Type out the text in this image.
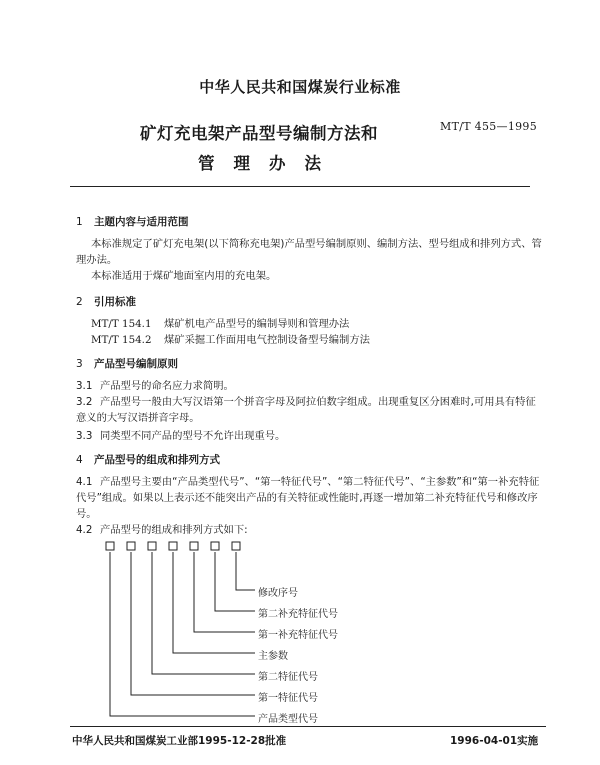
中华人民共和国煤炭行业标准
矿灯充电架产品型号编制方法和
管理办法
MT/T 455—1995
1 主题内容与适用范围
本标准规定了矿灯充电架(以下简称充电架)产品型号编制原则、编制方法、型号组成和排列方式、管理办法。
本标准适用于煤矿地面室内用的充电架。
2 引用标准
MT/T 154.1 煤矿机电产品型号的编制导则和管理办法
MT/T 154.2 煤矿采掘工作面用电气控制设备型号编制方法
3 产品型号编制原则
3.1 产品型号的命名应力求简明。
3.2 产品型号一般由大写汉语第一个拼音字母及阿拉伯数字组成。出现重复区分困难时,可用具有特征意义的大写汉语拼音字母。
3.3 同类型不同产品的型号不允许出现重号。
4 产品型号的组成和排列方式
4.1 产品型号主要由“产品类型代号”、“第一特征代号”、“第二特征代号”、“主参数”和“第一补充特征代号”组成。如果以上表示还不能突出产品的有关特征或性能时,再逐一增加第二补充特征代号和修改序号。
4.2 产品型号的组成和排列方式如下:
修改序号
第二补充特征代号
第一补充特征代号
主参数
第二特征代号
第一特征代号
产品类型代号
中华人民共和国煤炭工业部1995-12-28批准	1996-04-01实施
